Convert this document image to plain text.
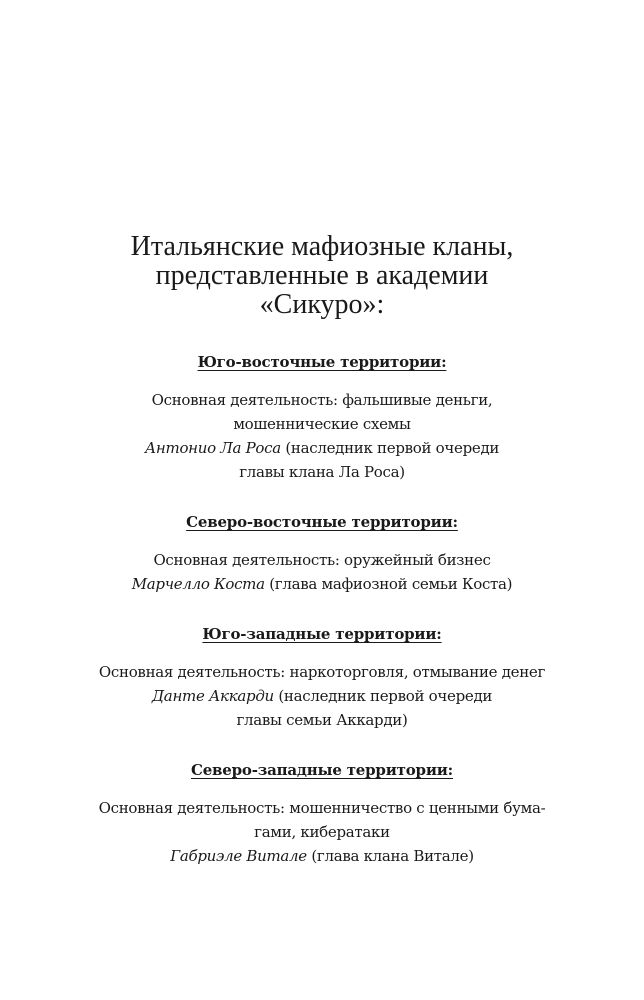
Итальянские мафиозные кланы,
представленные в академии
«Сикуро»:
Юго-восточные территории:
Основная деятельность: фальшивые деньги,
мошеннические схемы
Антонио Ла Роса (наследник первой очереди
главы клана Ла Роса)
Северо-восточные территории:
Основная деятельность: оружейный бизнес
Марчелло Коста (глава мафиозной семьи Коста)
Юго-западные территории:
Основная деятельность: наркоторговля, отмывание денег
Данте Аккарди (наследник первой очереди
главы семьи Аккарди)
Северо-западные территории:
Основная деятельность: мошенничество с ценными бума-
гами, кибератаки
Габриэле Витале (глава клана Витале)
